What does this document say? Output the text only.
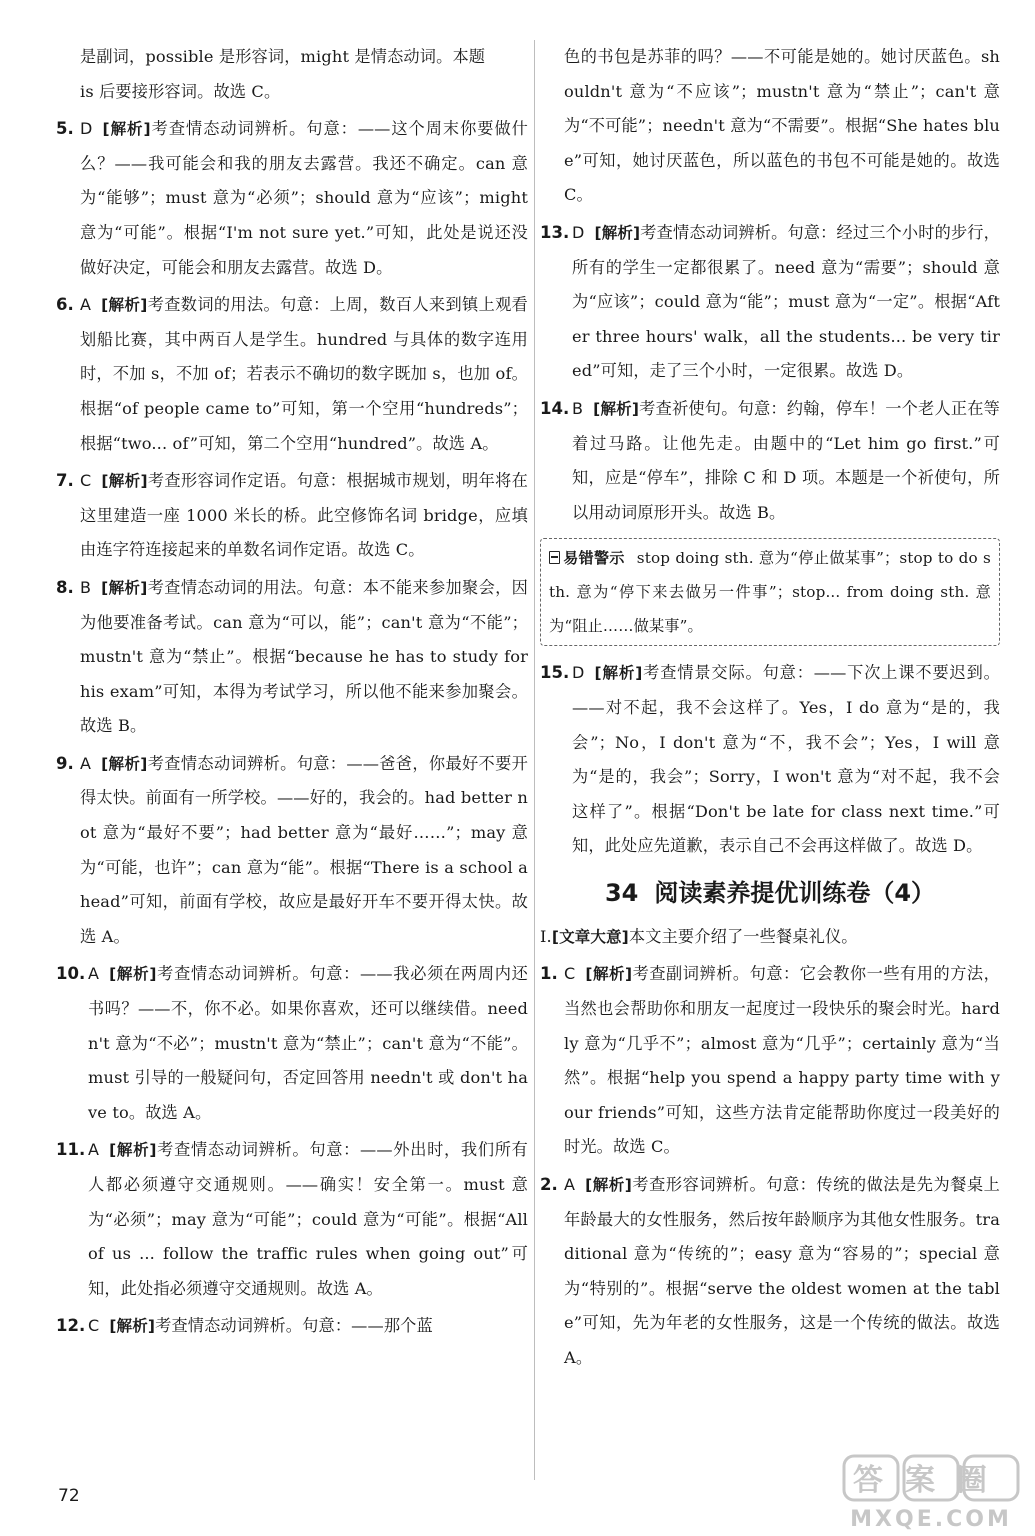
是副词，possible 是形容词，might 是情态动词。本题

is 后要接形容词。故选 C。

5. D [解析]考查情态动词辨析。句意：——这个周末你要做什么？——我可能会和我的朋友去露营。我还不确定。can 意为“能够”；must 意为“必须”；should 意为“应该”；might 意为“可能”。根据“I'm not sure yet.”可知，此处是说还没做好决定，可能会和朋友去露营。故选 D。

6. A [解析]考查数词的用法。句意：上周，数百人来到镇上观看划船比赛，其中两百人是学生。hundred 与具体的数字连用时，不加 s，不加 of；若表示不确切的数字既加 s，也加 of。根据“of people came to”可知，第一个空用“hundreds”；根据“two... of”可知，第二个空用“hundred”。故选 A。

7. C [解析]考查形容词作定语。句意：根据城市规划，明年将在这里建造一座 1000 米长的桥。此空修饰名词 bridge，应填由连字符连接起来的单数名词作定语。故选 C。

8. B [解析]考查情态动词的用法。句意：本不能来参加聚会，因为他要准备考试。can 意为“可以，能”；can't 意为“不能”；mustn't 意为“禁止”。根据“because he has to study for his exam”可知，本得为考试学习，所以他不能来参加聚会。故选 B。

9. A [解析]考查情态动词辨析。句意：——爸爸，你最好不要开得太快。前面有一所学校。——好的，我会的。had better not 意为“最好不要”；had better 意为“最好……”；may 意为“可能，也许”；can 意为“能”。根据“There is a school ahead”可知，前面有学校，故应是最好开车不要开得太快。故选 A。

10. A [解析]考查情态动词辨析。句意：——我必须在两周内还书吗？——不，你不必。如果你喜欢，还可以继续借。needn't 意为“不必”；mustn't 意为“禁止”；can't 意为“不能”。must 引导的一般疑问句，否定回答用 needn't 或 don't have to。故选 A。

11. A [解析]考查情态动词辨析。句意：——外出时，我们所有人都必须遵守交通规则。——确实！安全第一。must 意为“必须”；may 意为“可能”；could 意为“可能”。根据“All of us ... follow the traffic rules when going out”可知，此处指必须遵守交通规则。故选 A。

12. C [解析]考查情态动词辨析。句意：——那个蓝

色的书包是苏菲的吗？——不可能是她的。她讨厌蓝色。shouldn't 意为“不应该”；mustn't 意为“禁止”；can't 意为“不可能”；needn't 意为“不需要”。根据“She hates blue”可知，她讨厌蓝色，所以蓝色的书包不可能是她的。故选 C。

13. D [解析]考查情态动词辨析。句意：经过三个小时的步行，所有的学生一定都很累了。need 意为“需要”；should 意为“应该”；could 意为“能”；must 意为“一定”。根据“After three hours' walk，all the students... be very tired”可知，走了三个小时，一定很累。故选 D。

14. B [解析]考查祈使句。句意：约翰，停车！一个老人正在等着过马路。让他先走。由题中的“Let him go first.”可知，应是“停车”，排除 C 和 D 项。本题是一个祈使句，所以用动词原形开头。故选 B。

易错警示 stop doing sth. 意为“停止做某事”；stop to do sth. 意为“停下来去做另一件事”；stop... from doing sth. 意为“阻止……做某事”。

15. D [解析]考查情景交际。句意：——下次上课不要迟到。——对不起，我不会这样了。Yes，I do 意为“是的，我会”；No，I don't 意为“不，我不会”；Yes，I will 意为“是的，我会”；Sorry，I won't 意为“对不起，我不会这样了”。根据“Don't be late for class next time.”可知，此处应先道歉，表示自己不会再这样做了。故选 D。

34 阅读素养提优训练卷（4）

Ⅰ.[文章大意]本文主要介绍了一些餐桌礼仪。

1. C [解析]考查副词辨析。句意：它会教你一些有用的方法，当然也会帮助你和朋友一起度过一段快乐的聚会时光。hardly 意为“几乎不”；almost 意为“几乎”；certainly 意为“当然”。根据“help you spend a happy party time with your friends”可知，这些方法肯定能帮助你度过一段美好的时光。故选 C。

2. A [解析]考查形容词辨析。句意：传统的做法是先为餐桌上年龄最大的女性服务，然后按年龄顺序为其他女性服务。traditional 意为“传统的”；easy 意为“容易的”；special 意为“特别的”。根据“serve the oldest women at the table”可知，先为年老的女性服务，这是一个传统的做法。故选 A。

72	答案圈
MXQE.COM
